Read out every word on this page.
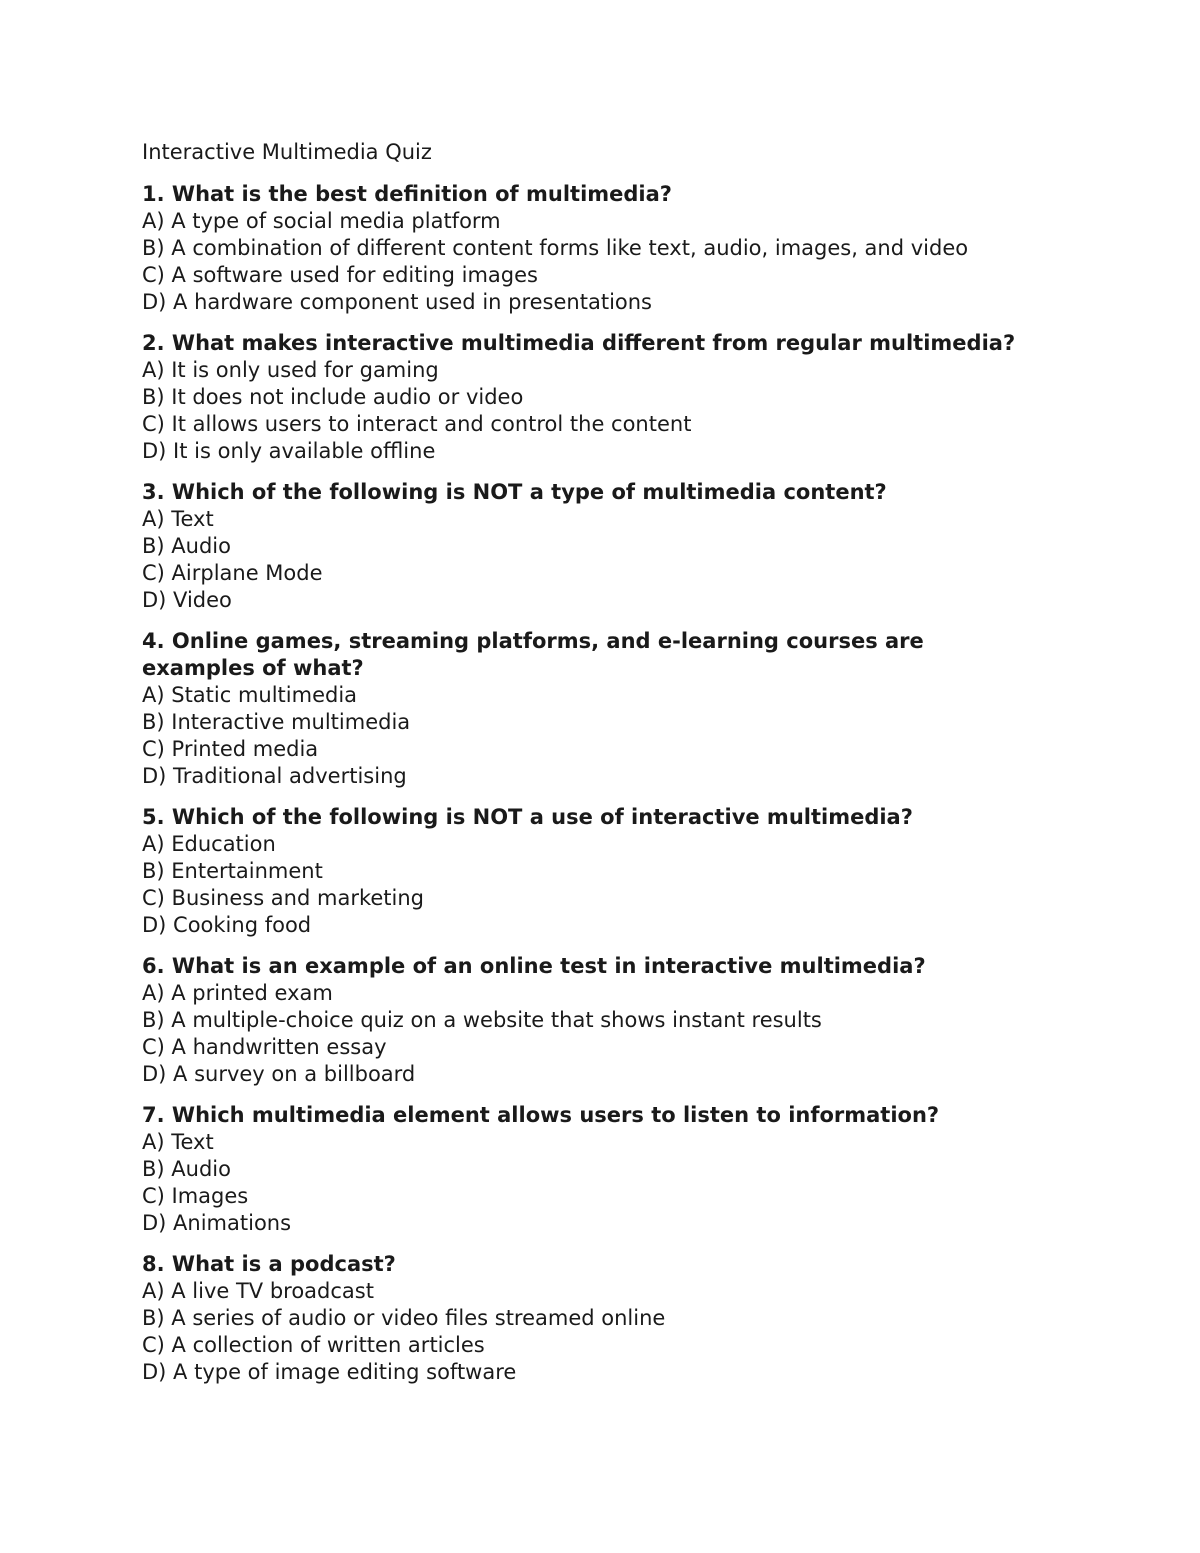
Interactive Multimedia Quiz

1. What is the best definition of multimedia?

A) A type of social media platform

B) A combination of different content forms like text, audio, images, and video

C) A software used for editing images

D) A hardware component used in presentations

2. What makes interactive multimedia different from regular multimedia?

A) It is only used for gaming

B) It does not include audio or video

C) It allows users to interact and control the content

D) It is only available offline

3. Which of the following is NOT a type of multimedia content?

A) Text

B) Audio

C) Airplane Mode

D) Video

4. Online games, streaming platforms, and e-learning courses are examples of what?

A) Static multimedia

B) Interactive multimedia

C) Printed media

D) Traditional advertising

5. Which of the following is NOT a use of interactive multimedia?

A) Education

B) Entertainment

C) Business and marketing

D) Cooking food

6. What is an example of an online test in interactive multimedia?

A) A printed exam

B) A multiple-choice quiz on a website that shows instant results

C) A handwritten essay

D) A survey on a billboard

7. Which multimedia element allows users to listen to information?

A) Text

B) Audio

C) Images

D) Animations

8. What is a podcast?

A) A live TV broadcast

B) A series of audio or video files streamed online

C) A collection of written articles

D) A type of image editing software
